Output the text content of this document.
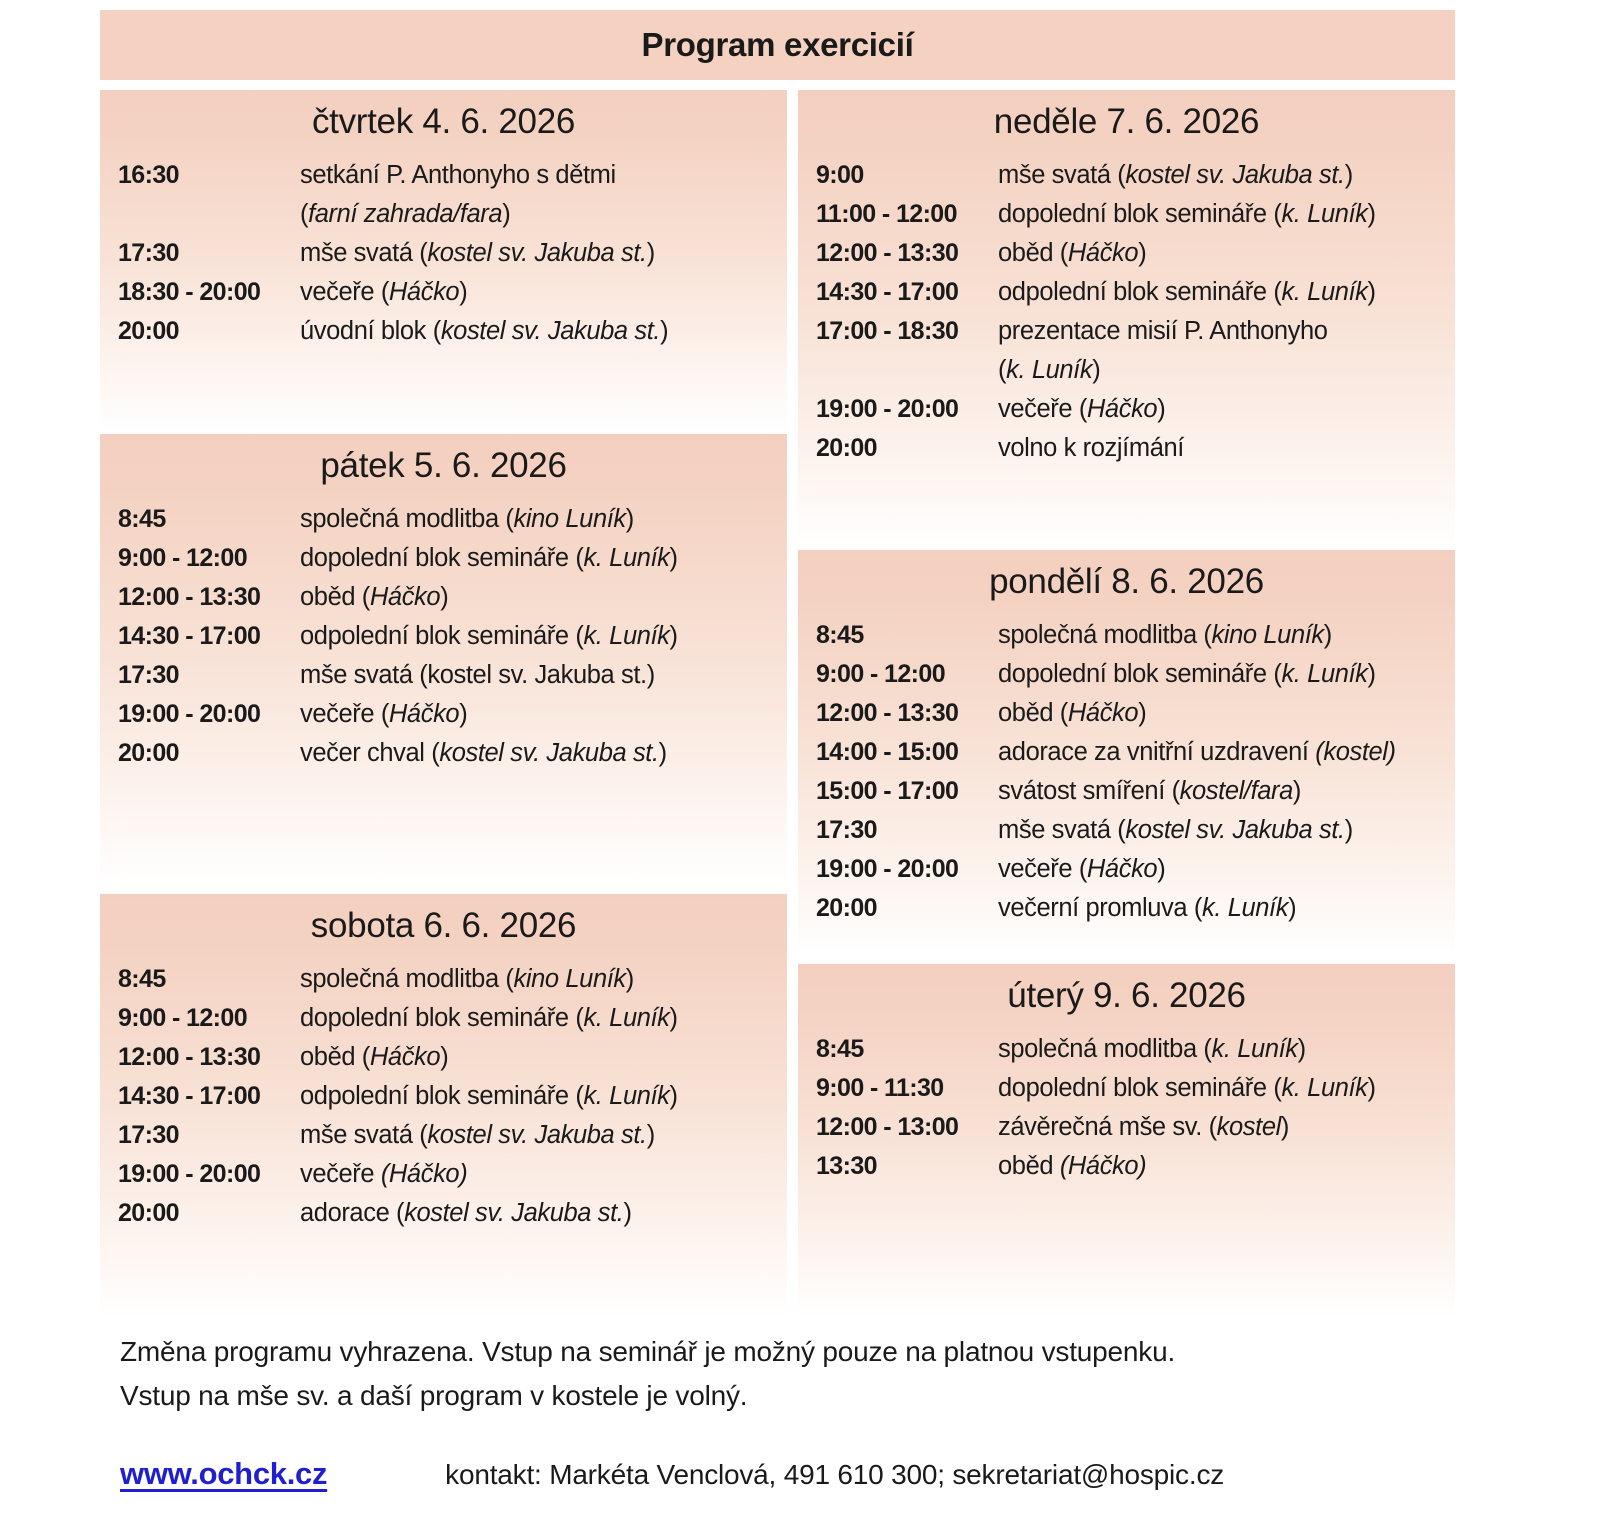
Program exercicií
čtvrtek 4. 6. 2026
16:30	setkání P. Anthonyho s dětmi
(farní zahrada/fara)
17:30	mše svatá (kostel sv. Jakuba st.)
18:30 - 20:00	večeře (Háčko)
20:00	úvodní blok (kostel sv. Jakuba st.)
pátek 5. 6. 2026
8:45	společná modlitba (kino Luník)
9:00 - 12:00	dopolední blok semináře (k. Luník)
12:00 - 13:30	oběd (Háčko)
14:30 - 17:00	odpolední blok semináře (k. Luník)
17:30	mše svatá (kostel sv. Jakuba st.)
19:00 - 20:00	večeře (Háčko)
20:00	večer chval (kostel sv. Jakuba st.)
sobota 6. 6. 2026
8:45	společná modlitba (kino Luník)
9:00 - 12:00	dopolední blok semináře (k. Luník)
12:00 - 13:30	oběd (Háčko)
14:30 - 17:00	odpolední blok semináře (k. Luník)
17:30	mše svatá (kostel sv. Jakuba st.)
19:00 - 20:00	večeře (Háčko)
20:00	adorace (kostel sv. Jakuba st.)
neděle 7. 6. 2026
9:00	mše svatá (kostel sv. Jakuba st.)
11:00 - 12:00	dopolední blok semináře (k. Luník)
12:00 - 13:30	oběd (Háčko)
14:30 - 17:00	odpolední blok semináře (k. Luník)
17:00 - 18:30	prezentace misií P. Anthonyho
(k. Luník)
19:00 - 20:00	večeře (Háčko)
20:00	volno k rozjímání
pondělí 8. 6. 2026
8:45	společná modlitba (kino Luník)
9:00 - 12:00	dopolední blok semináře (k. Luník)
12:00 - 13:30	oběd (Háčko)
14:00 - 15:00	adorace za vnitřní uzdravení (kostel)
15:00 - 17:00	svátost smíření (kostel/fara)
17:30	mše svatá (kostel sv. Jakuba st.)
19:00 - 20:00	večeře (Háčko)
20:00	večerní promluva (k. Luník)
úterý 9. 6. 2026
8:45	společná modlitba (k. Luník)
9:00 - 11:30	dopolední blok semináře (k. Luník)
12:00 - 13:00	závěrečná mše sv. (kostel)
13:30	oběd (Háčko)

Změna programu vyhrazena. Vstup na seminář je možný pouze na platnou vstupenku.

Vstup na mše sv. a daší program v kostele je volný.

www.ochck.cz	kontakt: Markéta Venclová, 491 610 300; sekretariat@hospic.cz
